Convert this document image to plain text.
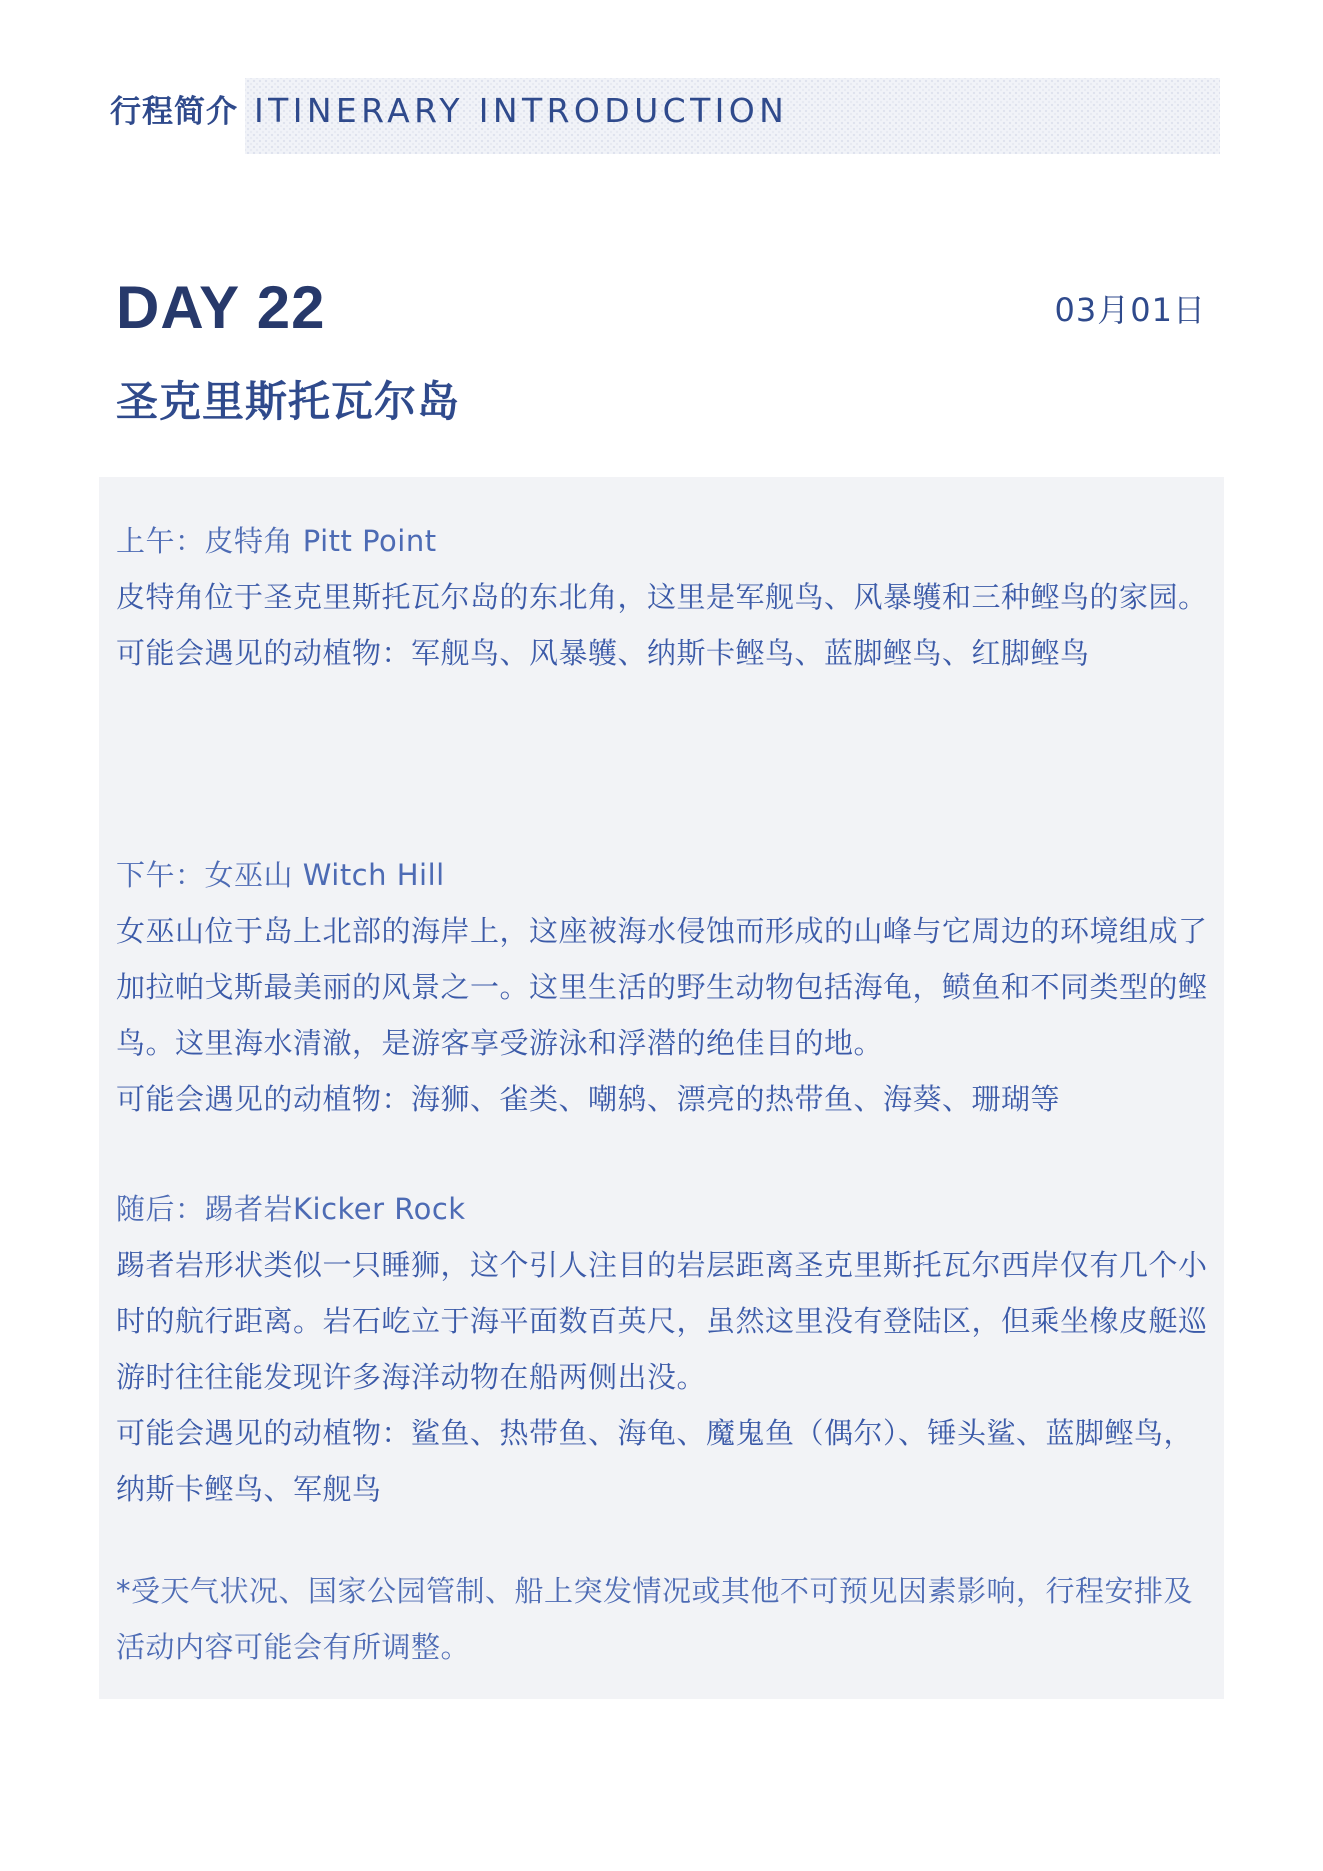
行程简介 ITINERARY INTRODUCTION
DAY 22	03月01日
圣克里斯托瓦尔岛

上午：皮特角 Pitt Point

皮特角位于圣克里斯托瓦尔岛的东北角，这里是军舰鸟、风暴鹱和三种鲣鸟的家园。

可能会遇见的动植物：军舰鸟、风暴鹱、纳斯卡鲣鸟、蓝脚鲣鸟、红脚鲣鸟

下午：女巫山 Witch Hill

女巫山位于岛上北部的海岸上，这座被海水侵蚀而形成的山峰与它周边的环境组成了加拉帕戈斯最美丽的风景之一。这里生活的野生动物包括海龟，鲼鱼和不同类型的鲣鸟。这里海水清澈，是游客享受游泳和浮潜的绝佳目的地。

可能会遇见的动植物：海狮、雀类、嘲鸫、漂亮的热带鱼、海葵、珊瑚等

随后：踢者岩Kicker Rock

踢者岩形状类似一只睡狮，这个引人注目的岩层距离圣克里斯托瓦尔西岸仅有几个小时的航行距离。岩石屹立于海平面数百英尺，虽然这里没有登陆区，但乘坐橡皮艇巡游时往往能发现许多海洋动物在船两侧出没。

可能会遇见的动植物：鲨鱼、热带鱼、海龟、魔鬼鱼（偶尔）、锤头鲨、蓝脚鲣鸟，纳斯卡鲣鸟、军舰鸟

*受天气状况、国家公园管制、船上突发情况或其他不可预见因素影响，行程安排及活动内容可能会有所调整。
